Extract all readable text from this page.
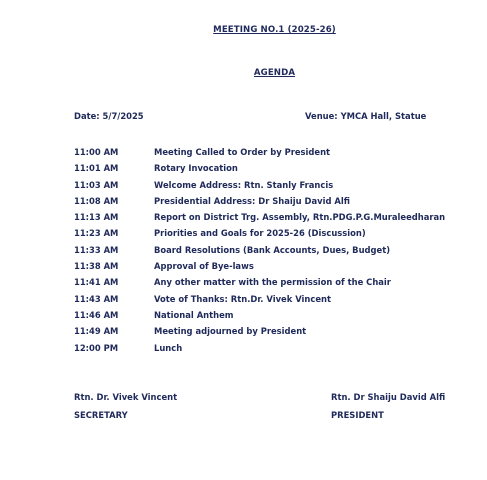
MEETING NO.1 (2025-26)
AGENDA
Date: 5/7/2025	Venue: YMCA Hall, Statue
11:00 AM	Meeting Called to Order by President
11:01 AM	Rotary Invocation
11:03 AM	Welcome Address: Rtn. Stanly Francis
11:08 AM	Presidential Address: Dr Shaiju David Alfi
11:13 AM	Report on District Trg. Assembly, Rtn.PDG.P.G.Muraleedharan
11:23 AM	Priorities and Goals for 2025-26 (Discussion)
11:33 AM	Board Resolutions (Bank Accounts, Dues, Budget)
11:38 AM	Approval of Bye-laws
11:41 AM	Any other matter with the permission of the Chair
11:43 AM	Vote of Thanks: Rtn.Dr. Vivek Vincent
11:46 AM	National Anthem
11:49 AM	Meeting adjourned by President
12:00 PM	Lunch
Rtn. Dr. Vivek Vincent
SECRETARY
Rtn. Dr Shaiju David Alfi
PRESIDENT
